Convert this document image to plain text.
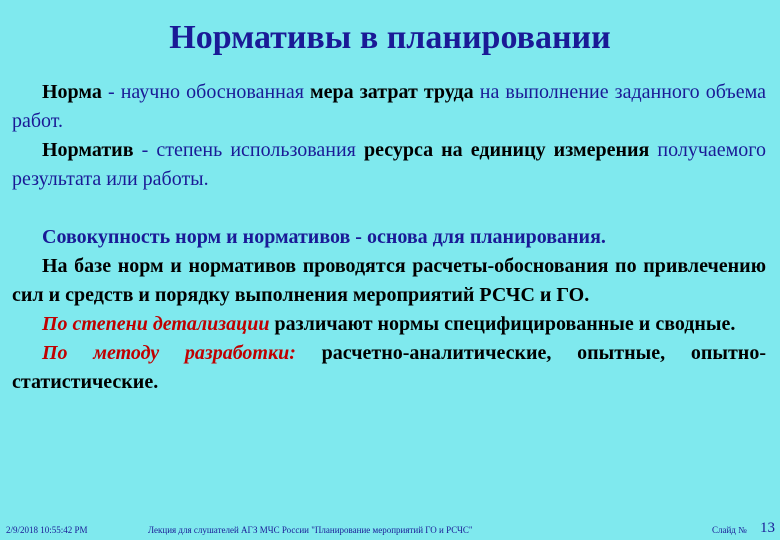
Нормативы в планировании

Норма - научно обоснованная мера затрат труда на выполнение заданного объема работ.

Норматив - степень использования ресурса на единицу измерения получаемого результата или работы.

Совокупность норм и нормативов - основа для планирования.

На базе норм и нормативов проводятся расчеты-обоснования по привлечению сил и средств и порядку выполнения мероприятий РСЧС и ГО.

По степени детализации различают нормы специфицированные и сводные.

По методу разработки: расчетно-аналитические, опытные, опытно-статистические.

2/9/2018 10:55:42 PM	Лекция для слушателей АГЗ МЧС России "Планирование мероприятий ГО и РСЧС"	Слайд № 13
